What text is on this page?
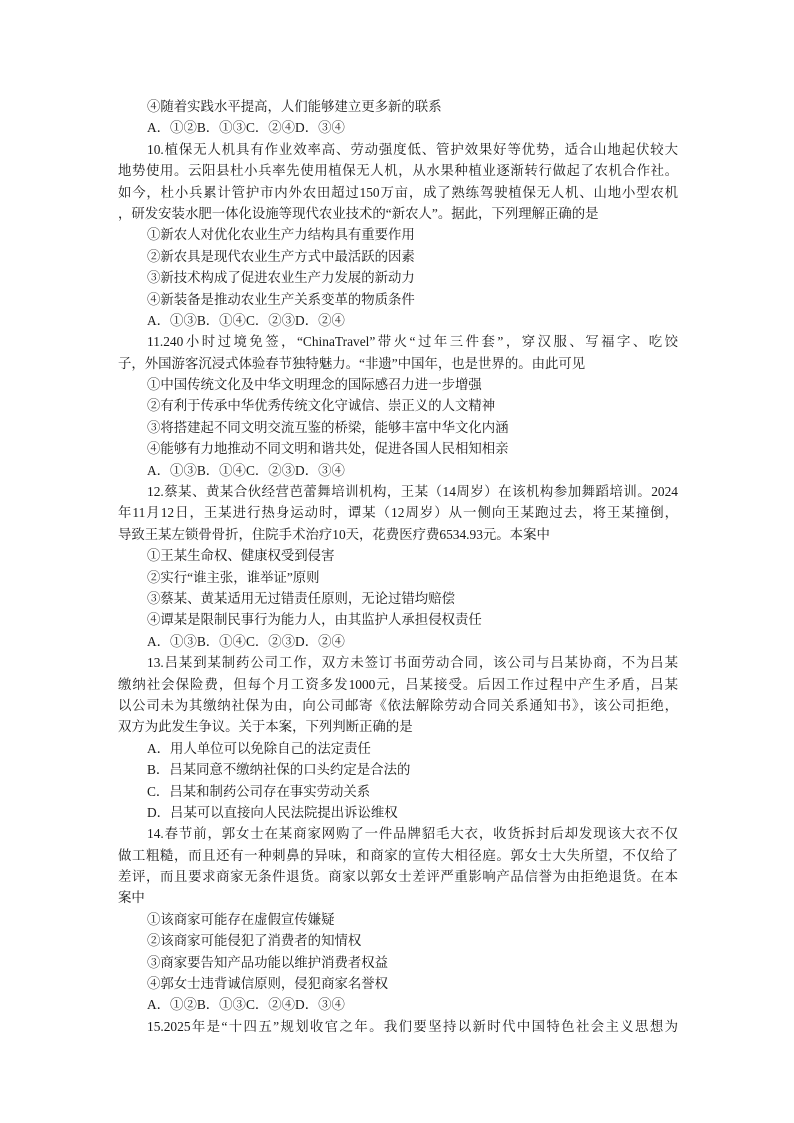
④随着实践水平提高，人们能够建立更多新的联系
A．①②B．①③C．②④D．③④
10.植保无人机具有作业效率高、劳动强度低、管护效果好等优势，适合山地起伏较大
地势使用。云阳县杜小兵率先使用植保无人机，从水果种植业逐渐转行做起了农机合作社。
如今，杜小兵累计管护市内外农田超过150万亩，成了熟练驾驶植保无人机、山地小型农机
，研发安装水肥一体化设施等现代农业技术的“新农人”。据此，下列理解正确的是
①新农人对优化农业生产力结构具有重要作用
②新农具是现代农业生产方式中最活跃的因素
③新技术构成了促进农业生产力发展的新动力
④新装备是推动农业生产关系变革的物质条件
A．①③B．①④C．②③D．②④
11.240小时过境免签，“ChinaTravel”带火“过年三件套”，穿汉服、写福字、吃饺
子，外国游客沉浸式体验春节独特魅力。“非遗”中国年，也是世界的。由此可见
①中国传统文化及中华文明理念的国际感召力进一步增强
②有利于传承中华优秀传统文化守诚信、崇正义的人文精神
③将搭建起不同文明交流互鉴的桥梁，能够丰富中华文化内涵
④能够有力地推动不同文明和谐共处，促进各国人民相知相亲
A．①③B．①④C．②③D．③④
12.蔡某、黄某合伙经营芭蕾舞培训机构，王某（14周岁）在该机构参加舞蹈培训。2024
年11月12日，王某进行热身运动时，谭某（12周岁）从一侧向王某跑过去，将王某撞倒，
导致王某左锁骨骨折，住院手术治疗10天，花费医疗费6534.93元。本案中
①王某生命权、健康权受到侵害
②实行“谁主张，谁举证”原则
③蔡某、黄某适用无过错责任原则，无论过错均赔偿
④谭某是限制民事行为能力人，由其监护人承担侵权责任
A．①③B．①④C．②③D．②④
13.吕某到某制药公司工作，双方未签订书面劳动合同，该公司与吕某协商，不为吕某
缴纳社会保险费，但每个月工资多发1000元，吕某接受。后因工作过程中产生矛盾，吕某
以公司未为其缴纳社保为由，向公司邮寄《依法解除劳动合同关系通知书》，该公司拒绝，
双方为此发生争议。关于本案，下列判断正确的是
A．用人单位可以免除自己的法定责任
B．吕某同意不缴纳社保的口头约定是合法的
C．吕某和制药公司存在事实劳动关系
D．吕某可以直接向人民法院提出诉讼维权
14.春节前，郭女士在某商家网购了一件品牌貂毛大衣，收货拆封后却发现该大衣不仅
做工粗糙，而且还有一种刺鼻的异味，和商家的宣传大相径庭。郭女士大失所望，不仅给了
差评，而且要求商家无条件退货。商家以郭女士差评严重影响产品信誉为由拒绝退货。在本
案中
①该商家可能存在虚假宣传嫌疑
②该商家可能侵犯了消费者的知情权
③商家要告知产品功能以维护消费者权益
④郭女士违背诚信原则，侵犯商家名誉权
A．①②B．①③C．②④D．③④
15.2025年是“十四五”规划收官之年。我们要坚持以新时代中国特色社会主义思想为
